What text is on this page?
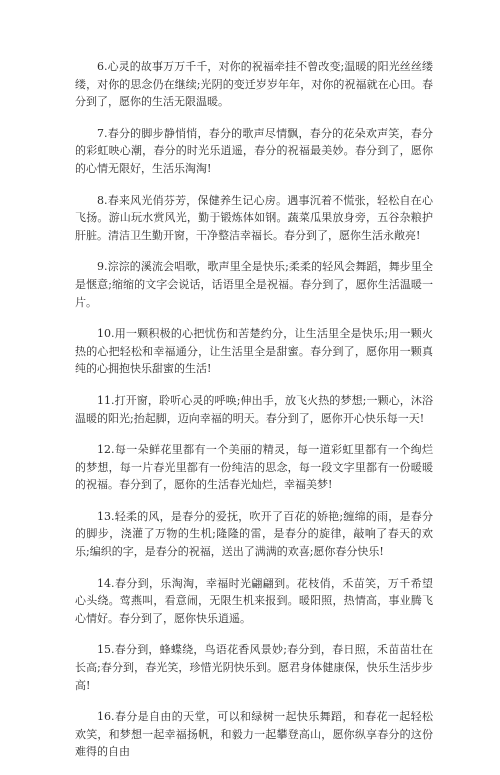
6.心灵的故事万万千千，对你的祝福牵挂不曾改变;温暖的阳光丝丝缕缕，对你的思念仍在继续;光阴的变迁岁岁年年，对你的祝福就在心田。春分到了，愿你的生活无限温暖。

7.春分的脚步静悄悄，春分的歌声尽情飘，春分的花朵欢声笑，春分的彩虹映心潮，春分的时光乐逍遥，春分的祝福最美妙。春分到了，愿你的心情无限好，生活乐淘淘!

8.春来风光俏芬芳，保健养生记心房。遇事沉着不慌张，轻松自在心飞扬。游山玩水赏风光，勤于锻炼体如钢。蔬菜瓜果放身旁，五谷杂粮护肝脏。清洁卫生勤开窗，干净整洁幸福长。春分到了，愿你生活永敞亮!

9.淙淙的溪流会唱歌，歌声里全是快乐;柔柔的轻风会舞蹈，舞步里全是惬意;缩缩的文字会说话，话语里全是祝福。春分到了，愿你生活温暖一片。

10.用一颗积极的心把忧伤和苦楚约分，让生活里全是快乐;用一颗火热的心把轻松和幸福通分，让生活里全是甜蜜。春分到了，愿你用一颗真纯的心拥抱快乐甜蜜的生活!

11.打开窗，聆听心灵的呼唤;伸出手，放飞火热的梦想;一颗心，沐浴温暖的阳光;抬起脚，迈向幸福的明天。春分到了，愿你开心快乐每一天!

12.每一朵鲜花里都有一个美丽的精灵，每一道彩虹里都有一个绚烂的梦想，每一片春光里都有一份纯洁的思念，每一段文字里都有一份暖暖的祝福。春分到了，愿你的生活春光灿烂，幸福美梦!

13.轻柔的风，是春分的爱抚，吹开了百花的娇艳;缠绵的雨，是春分的脚步，浇灌了万物的生机;隆隆的雷，是春分的旋律，敲响了春天的欢乐;编织的字，是春分的祝福，送出了满满的欢喜;愿你春分快乐!

14.春分到，乐淘淘，幸福时光翩翩到。花枝俏，禾苗笑，万千希望心头绕。莺燕叫，看意闹，无限生机来报到。暖阳照，热情高，事业腾飞心情好。春分到了，愿你快乐逍遥。

15.春分到，蜂蝶绕，鸟语花香风景妙;春分到，春日照，禾苗苗壮在长高;春分到，春光笑，珍惜光阴快乐到。愿君身体健康保，快乐生活步步高!

16.春分是自由的天堂，可以和绿树一起快乐舞蹈，和春花一起轻松欢笑，和梦想一起幸福扬帆，和毅力一起攀登高山，愿你纵享春分的这份难得的自由
